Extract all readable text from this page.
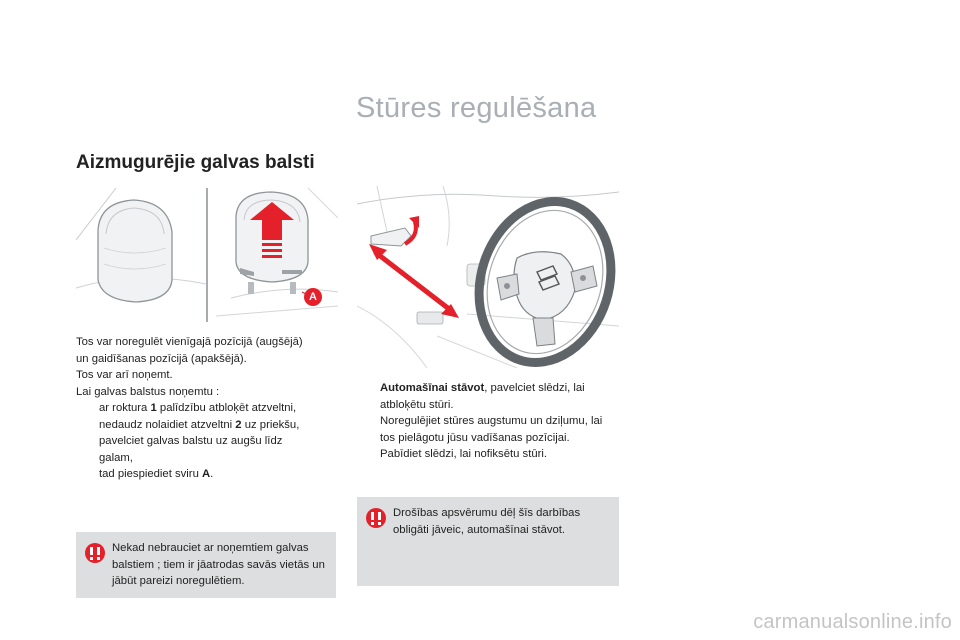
Stūres regulēšana
Aizmugurējie galvas balsti
A

Tos var noregulēt vienīgajā pozīcijā (augšējā)

un gaidīšanas pozīcijā (apakšējā).

Tos var arī noņemt.

Lai galvas balstus noņemtu :

ar roktura 1 palīdzību atbloķēt atzveltni,
nedaudz nolaidiet atzveltni 2 uz priekšu,
pavelciet galvas balstu uz augšu līdz galam,
tad piespiediet sviru A.
Automašīnai stāvot, pavelciet slēdzi, lai atbloķētu stūri.
Noregulējiet stūres augstumu un dziļumu, lai tos pielāgotu jūsu vadīšanas pozīcijai.
Pabīdiet slēdzi, lai nofiksētu stūri.
Drošības apsvērumu dēļ šīs darbības obligāti jāveic, automašīnai stāvot.
Nekad nebrauciet ar noņemtiem galvas balstiem ; tiem ir jāatrodas savās vietās un jābūt pareizi noregulētiem.
carmanualsonline.info
